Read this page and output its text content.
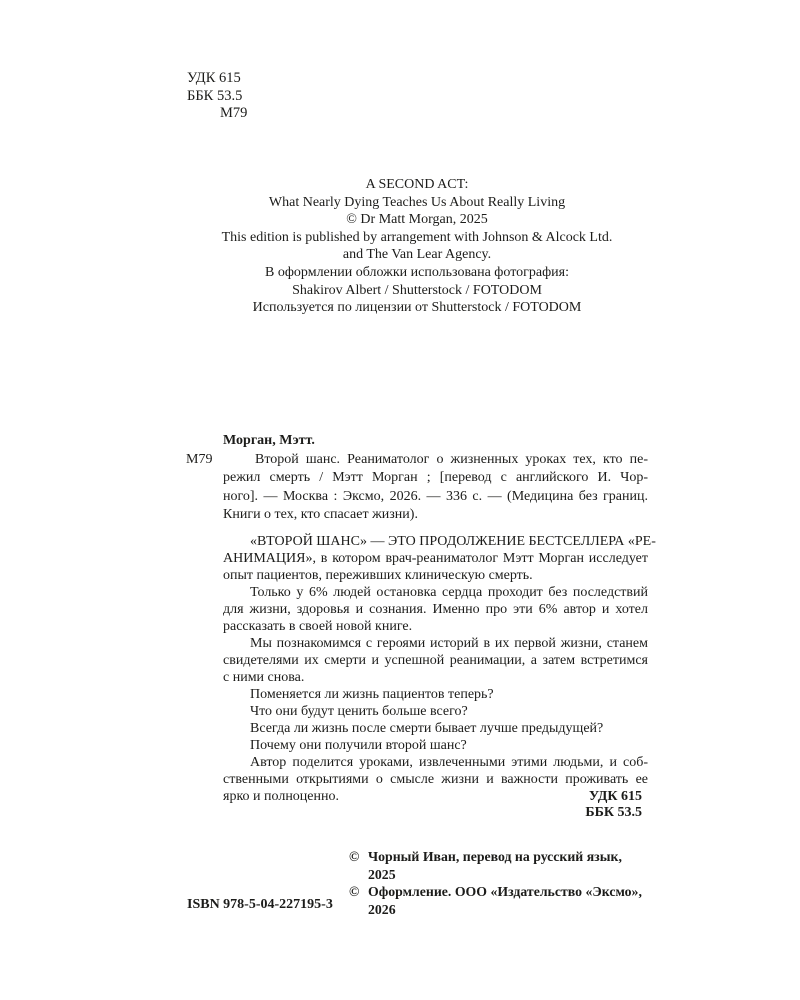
УДК 615
ББК 53.5
М79
A SECOND ACT:
What Nearly Dying Teaches Us About Really Living
© Dr Matt Morgan, 2025
This edition is published by arrangement with Johnson & Alcock Ltd.
and The Van Lear Agency.
В оформлении обложки использована фотография:
Shakirov Albert / Shutterstock / FOTODOM
Используется по лицензии от Shutterstock / FOTODOM
Морган, Мэтт.
М79	Второй шанс. Реаниматолог о жизненных уроках тех, кто пе-
режил смерть / Мэтт Морган ; [перевод с английского И. Чор-
ного]. — Москва : Эксмо, 2026. — 336 с. — (Медицина без границ.
Книги о тех, кто спасает жизни).
«ВТОРОЙ ШАНС» — ЭТО ПРОДОЛЖЕНИЕ БЕСТСЕЛЛЕРА «РЕ-
АНИМАЦИЯ», в котором врач-реаниматолог Мэтт Морган исследует
опыт пациентов, переживших клиническую смерть.
Только у 6% людей остановка сердца проходит без последствий
для жизни, здоровья и сознания. Именно про эти 6% автор и хотел
рассказать в своей новой книге.
Мы познакомимся с героями историй в их первой жизни, станем
свидетелями их смерти и успешной реанимации, а затем встретимся
с ними снова.
Поменяется ли жизнь пациентов теперь?
Что они будут ценить больше всего?
Всегда ли жизнь после смерти бывает лучше предыдущей?
Почему они получили второй шанс?
Автор поделится уроками, извлеченными этими людьми, и соб-
ственными открытиями о смысле жизни и важности проживать ее
ярко и полноценно.	УДК 615
ББК 53.5
© Чорный Иван, перевод на русский язык,
2025
© Оформление. ООО «Издательство «Эксмо»,
2026
ISBN 978-5-04-227195-3
